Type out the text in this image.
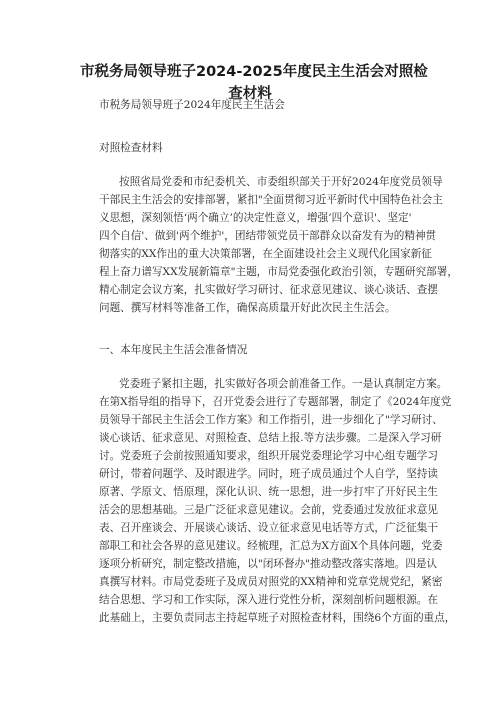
市税务局领导班子2024-2025年度民主生活会对照检
查材料
市税务局领导班子2024年度民主生活会
对照检查材料
按照省局党委和市纪委机关、市委组织部关于开好2024年度党员领导
干部民主生活会的安排部署，紧扣"全面贯彻习近平新时代中国特色社会主
义思想，深刻领悟‘两个确立’的决定性意义，增强’四个意识'、坚定'
四个自信'、做到'两个维护'，团结带领党员干部群众以奋发有为的精神贯
彻落实的XX作出的重大决策部署，在全面建设社会主义现代化国家新征
程上奋力谱写XX发展新篇章"主题，市局党委强化政治引领，专题研究部署，
精心制定会议方案，扎实做好学习研讨、征求意见建议、谈心谈话、查摆
问题、撰写材料等准备工作，确保高质量开好此次民主生活会。
一、本年度民主生活会准备情况
党委班子紧扣主题，扎实做好各项会前准备工作。一是认真制定方案。
在第X指导组的指导下，召开党委会进行了专题部署，制定了《2024年度党
员领导干部民主生活会工作方案》和工作指引，进一步细化了"学习研讨、
谈心谈话、征求意见、对照检查、总结上报.等方法步骤。二是深入学习研
讨。党委班子会前按照通知要求，组织开展党委理论学习中心组专题学习
研讨，带着问题学、及时跟进学。同时，班子成员通过个人自学，坚持读
原著、学原文、悟原理，深化认识、统一思想，进一步打牢了开好民主生
活会的思想基础。三是广泛征求意见建议。会前，党委通过发放征求意见
表、召开座谈会、开展谈心谈话、设立征求意见电话等方式，广泛征集干
部职工和社会各界的意见建议。经梳理，汇总为X方面X个具体问题，党委
逐项分析研究，制定整改措施，以"闭环督办"推动整改落实落地。四是认
真撰写材料。市局党委班子及成员对照党的XX精神和党章党规党纪，紧密
结合思想、学习和工作实际，深入进行党性分析，深刻剖析问题根源。在
此基础上，主要负责同志主持起草班子对照检查材料，围绕6个方面的重点，
